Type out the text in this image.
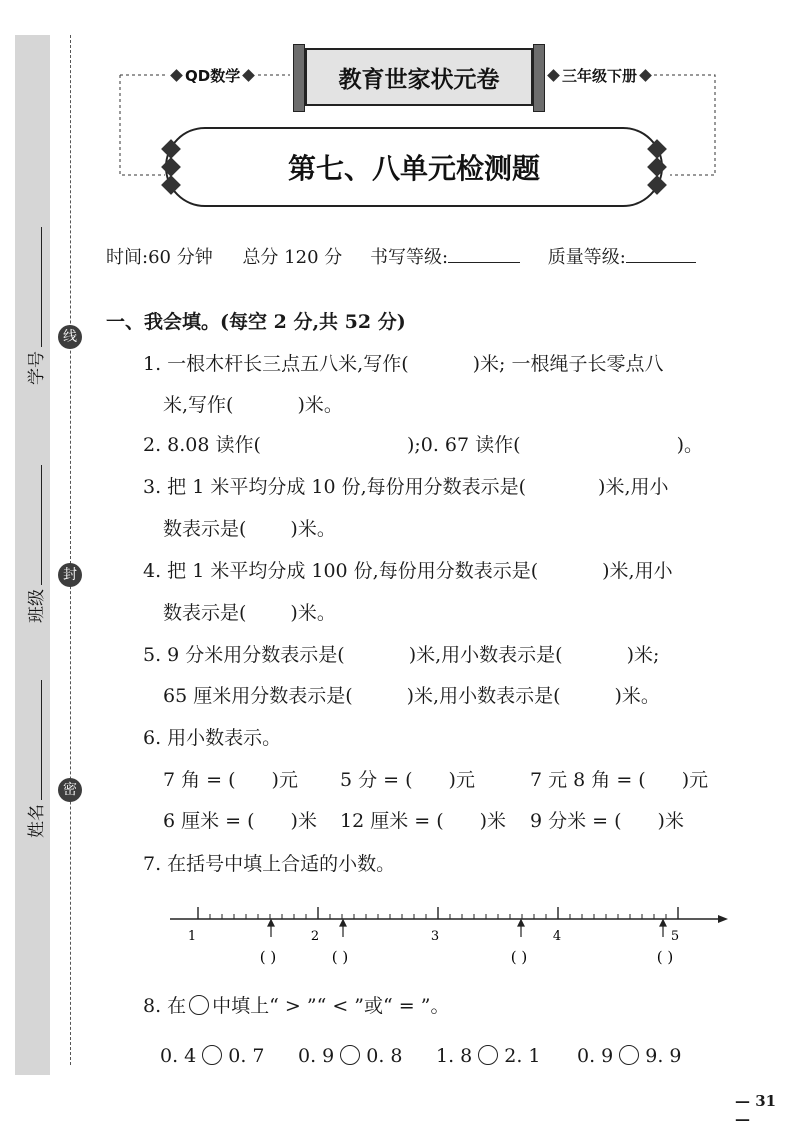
线
封
密
学号
班级
姓名
QD数学	教育世家状元卷	三年级下册
第七、八单元检测题
时间:60 分钟 总分 120 分 书写等级:	质量等级:
一、我会填。(每空 2 分,共 52 分)
1. 一根木杆长三点五八米,写作(	)米; 一根绳子长零点八
米,写作(	)米。
2. 8.08 读作(	);0. 67 读作(	)。
3. 把 1 米平均分成 10 份,每份用分数表示是(	)米,用小
数表示是( )米。
4. 把 1 米平均分成 100 份,每份用分数表示是(	)米,用小
数表示是( )米。
5. 9 分米用分数表示是(	)米,用小数表示是(	)米;
65 厘米用分数表示是(	)米,用小数表示是(	)米。
6. 用小数表示。
7 角 = ( )元 5 分 = ( )元	7 元 8 角 = ( )元
6 厘米 = ( )米 12 厘米 = ( )米 9 分米 = ( )米
7. 在括号中填上合适的小数。
1	2	3	4	5
( )	( )	( )	( )
8. 在 中填上“ > ”“ < ”或“ = ”。
0. 4 0. 7 0. 9 0. 8 1. 8 2. 1 0. 9 9. 9
— 31 —
